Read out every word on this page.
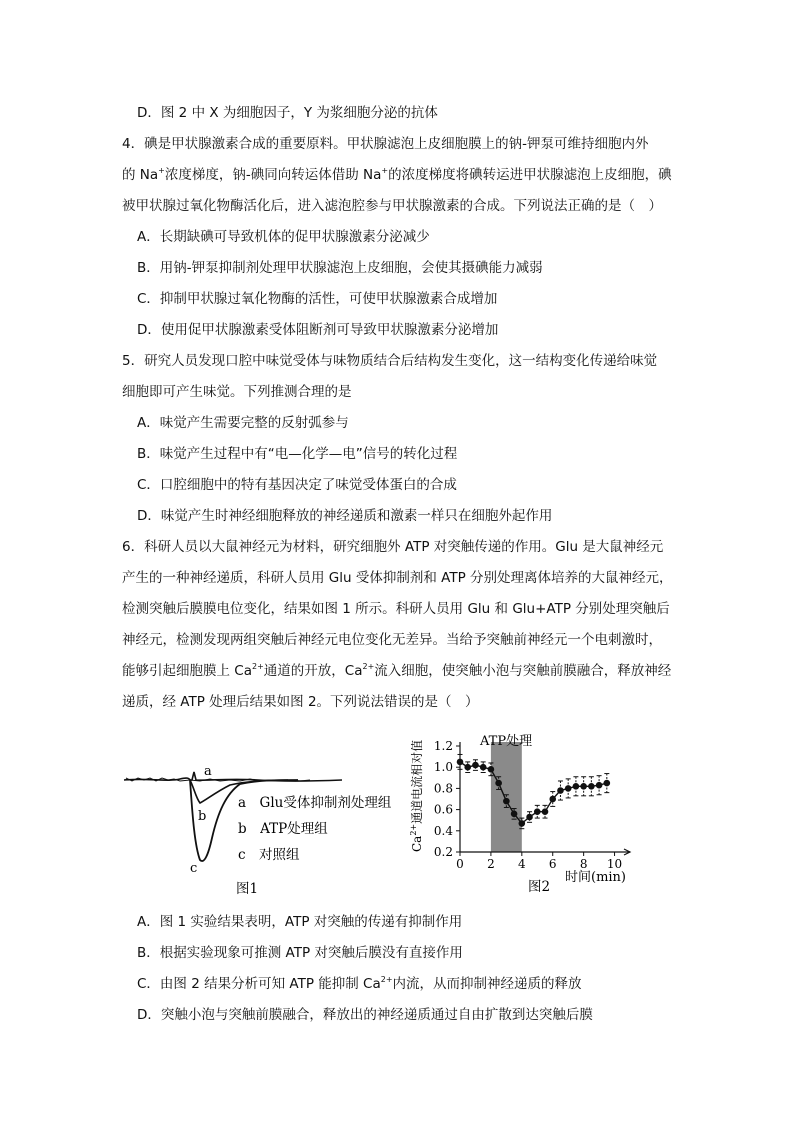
D．图 2 中 X 为细胞因子，Y 为浆细胞分泌的抗体
4．碘是甲状腺激素合成的重要原料。甲状腺滤泡上皮细胞膜上的钠-钾泵可维持细胞内外
的 Na+浓度梯度，钠-碘同向转运体借助 Na+的浓度梯度将碘转运进甲状腺滤泡上皮细胞，碘
被甲状腺过氧化物酶活化后，进入滤泡腔参与甲状腺激素的合成。下列说法正确的是（　）
A．长期缺碘可导致机体的促甲状腺激素分泌减少
B．用钠-钾泵抑制剂处理甲状腺滤泡上皮细胞，会使其摄碘能力减弱
C．抑制甲状腺过氧化物酶的活性，可使甲状腺激素合成增加
D．使用促甲状腺激素受体阻断剂可导致甲状腺激素分泌增加
5．研究人员发现口腔中味觉受体与味物质结合后结构发生变化，这一结构变化传递给味觉
细胞即可产生味觉。下列推测合理的是
A．味觉产生需要完整的反射弧参与
B．味觉产生过程中有“电—化学—电”信号的转化过程
C．口腔细胞中的特有基因决定了味觉受体蛋白的合成
D．味觉产生时神经细胞释放的神经递质和激素一样只在细胞外起作用
6．科研人员以大鼠神经元为材料，研究细胞外 ATP 对突触传递的作用。Glu 是大鼠神经元
产生的一种神经递质，科研人员用 Glu 受体抑制剂和 ATP 分别处理离体培养的大鼠神经元，
检测突触后膜膜电位变化，结果如图 1 所示。科研人员用 Glu 和 Glu+ATP 分别处理突触后
神经元，检测发现两组突触后神经元电位变化无差异。当给予突触前神经元一个电刺激时，
能够引起细胞膜上 $Ca^{2+}$通道的开放，$Ca^{2+}$流入细胞，使突触小泡与突触前膜融合，释放神经
递质，经 ATP 处理后结果如图 2。下列说法错误的是（　）
a
b
c
a　Glu受体抑制剂处理组
b　ATP处理组
c　对照组
图1
0.2
0.4
0.6
0.8
1.0
1.2
0 2 4 6 8 10
ATP处理
$Ca^{2+}$通道电流相对值
时间(min)
图2
A．图 1 实验结果表明，ATP 对突触的传递有抑制作用
B．根据实验现象可推测 ATP 对突触后膜没有直接作用
C．由图 2 结果分析可知 ATP 能抑制 $Ca^{2+}$内流，从而抑制神经递质的释放
D．突触小泡与突触前膜融合，释放出的神经递质通过自由扩散到达突触后膜
